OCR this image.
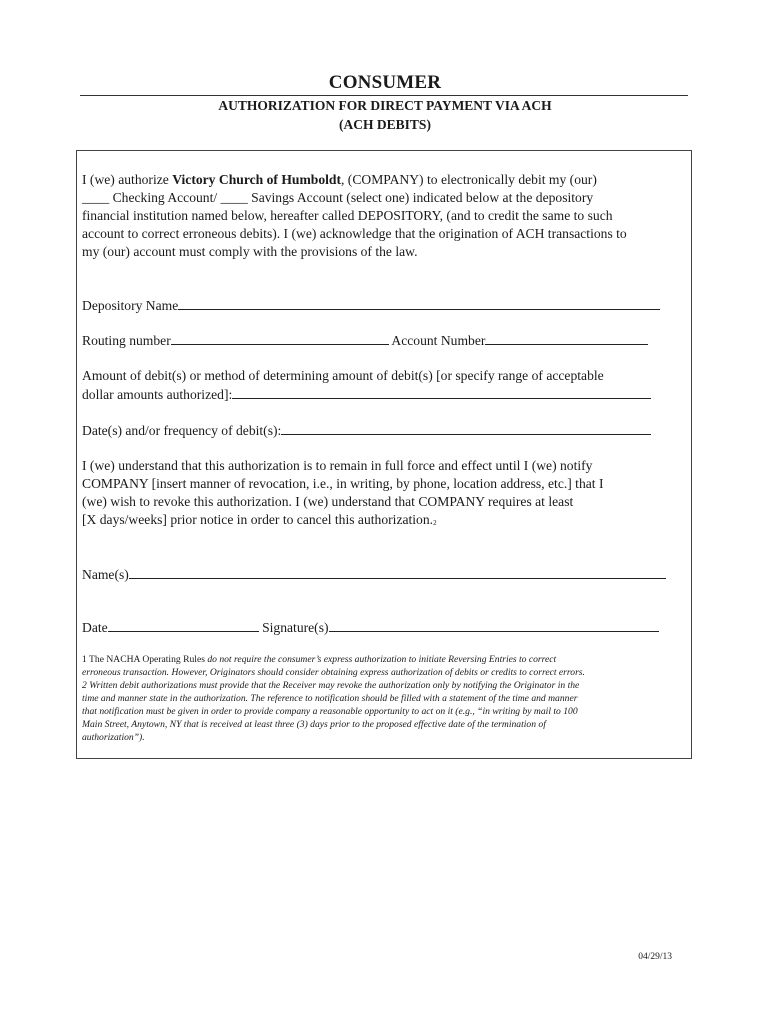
CONSUMER
AUTHORIZATION FOR DIRECT PAYMENT VIA ACH
(ACH DEBITS)
I (we) authorize Victory Church of Humboldt, (COMPANY) to electronically debit my (our)
____ Checking Account/ ____ Savings Account (select one) indicated below at the depository
financial institution named below, hereafter called DEPOSITORY, (and to credit the same to such
account to correct erroneous debits). I (we) acknowledge that the origination of ACH transactions to
my (our) account must comply with the provisions of the law.
Depository Name
Routing number	Account Number
Amount of debit(s) or method of determining amount of debit(s) [or specify range of acceptable
dollar amounts authorized]:
Date(s) and/or frequency of debit(s):
I (we) understand that this authorization is to remain in full force and effect until I (we) notify
COMPANY [insert manner of revocation, i.e., in writing, by phone, location address, etc.] that I
(we) wish to revoke this authorization. I (we) understand that COMPANY requires at least
[X days/weeks] prior notice in order to cancel this authorization.2
Name(s)
Date	Signature(s)
1 The NACHA Operating Rules do not require the consumer’s express authorization to initiate Reversing Entries to correct
erroneous transaction. However, Originators should consider obtaining express authorization of debits or credits to correct errors.
2 Written debit authorizations must provide that the Receiver may revoke the authorization only by notifying the Originator in the
time and manner state in the authorization. The reference to notification should be filled with a statement of the time and manner
that notification must be given in order to provide company a reasonable opportunity to act on it (e.g., “in writing by mail to 100
Main Street, Anytown, NY that is received at least three (3) days prior to the proposed effective date of the termination of
authorization”).
04/29/13
